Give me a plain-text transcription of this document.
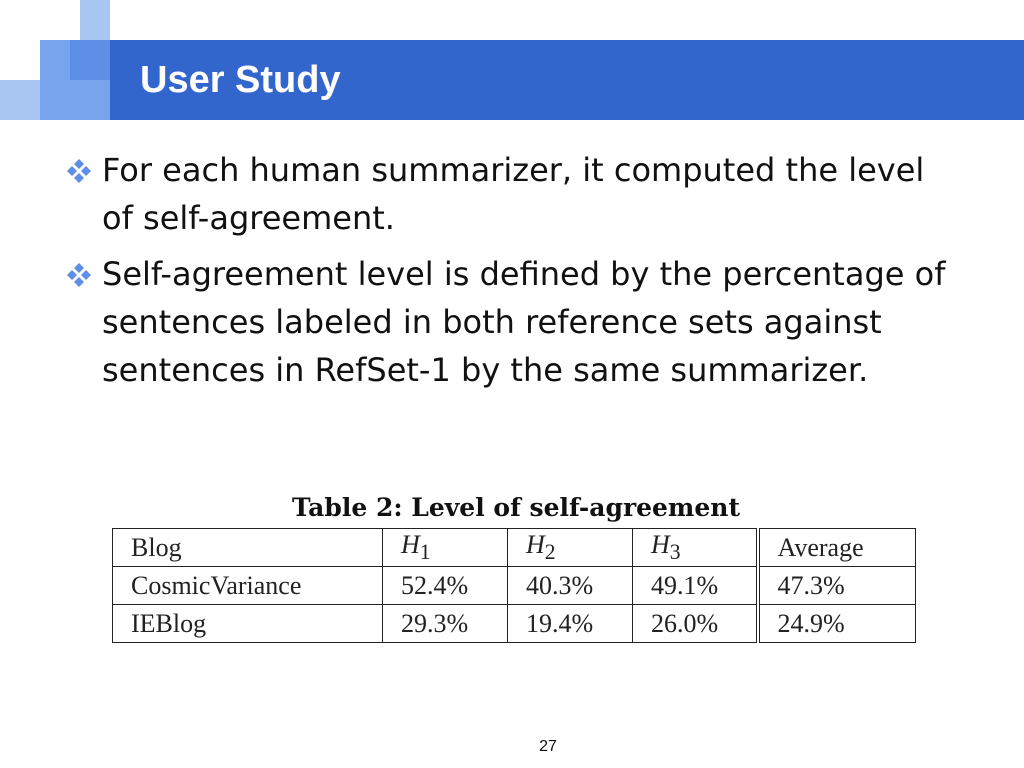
User Study
For each human summarizer, it computed the level of self-agreement.
Self-agreement level is defined by the percentage of sentences labeled in both reference sets against sentences in RefSet-1 by the same summarizer.

Table 2: Level of self-agreement

Blog	$H_1$	$H_2$	$H_3$	Average
CosmicVariance	52.4%	40.3%	49.1%	47.3%
IEBlog	29.3%	19.4%	26.0%	24.9%

27
